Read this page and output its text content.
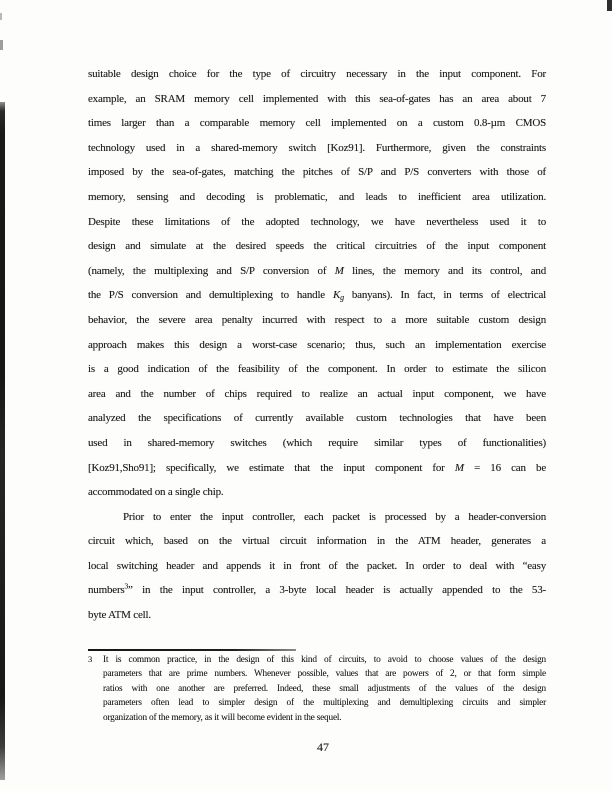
suitable design choice for the type of circuitry necessary in the input component. For
example, an SRAM memory cell implemented with this sea-of-gates has an area about 7
times larger than a comparable memory cell implemented on a custom 0.8-µm CMOS
technology used in a shared-memory switch [Koz91]. Furthermore, given the constraints
imposed by the sea-of-gates, matching the pitches of S/P and P/S converters with those of
memory, sensing and decoding is problematic, and leads to inefficient area utilization.
Despite these limitations of the adopted technology, we have nevertheless used it to
design and simulate at the desired speeds the critical circuitries of the input component
(namely, the multiplexing and S/P conversion of M lines, the memory and its control, and
the P/S conversion and demultiplexing to handle Kg banyans). In fact, in terms of electrical
behavior, the severe area penalty incurred with respect to a more suitable custom design
approach makes this design a worst-case scenario; thus, such an implementation exercise
is a good indication of the feasibility of the component. In order to estimate the silicon
area and the number of chips required to realize an actual input component, we have
analyzed the specifications of currently available custom technologies that have been
used in shared-memory switches (which require similar types of functionalities)
[Koz91,Sho91]; specifically, we estimate that the input component for M = 16 can be
accommodated on a single chip.
Prior to enter the input controller, each packet is processed by a header-conversion
circuit which, based on the virtual circuit information in the ATM header, generates a
local switching header and appends it in front of the packet. In order to deal with “easy
numbers$^3$” in the input controller, a 3-byte local header is actually appended to the 53-
byte ATM cell.
3 It is common practice, in the design of this kind of circuits, to avoid to choose values of the design
parameters that are prime numbers. Whenever possible, values that are powers of 2, or that form simple
ratios with one another are preferred. Indeed, these small adjustments of the values of the design
parameters often lead to simpler design of the multiplexing and demultiplexing circuits and simpler
organization of the memory, as it will become evident in the sequel.
47
